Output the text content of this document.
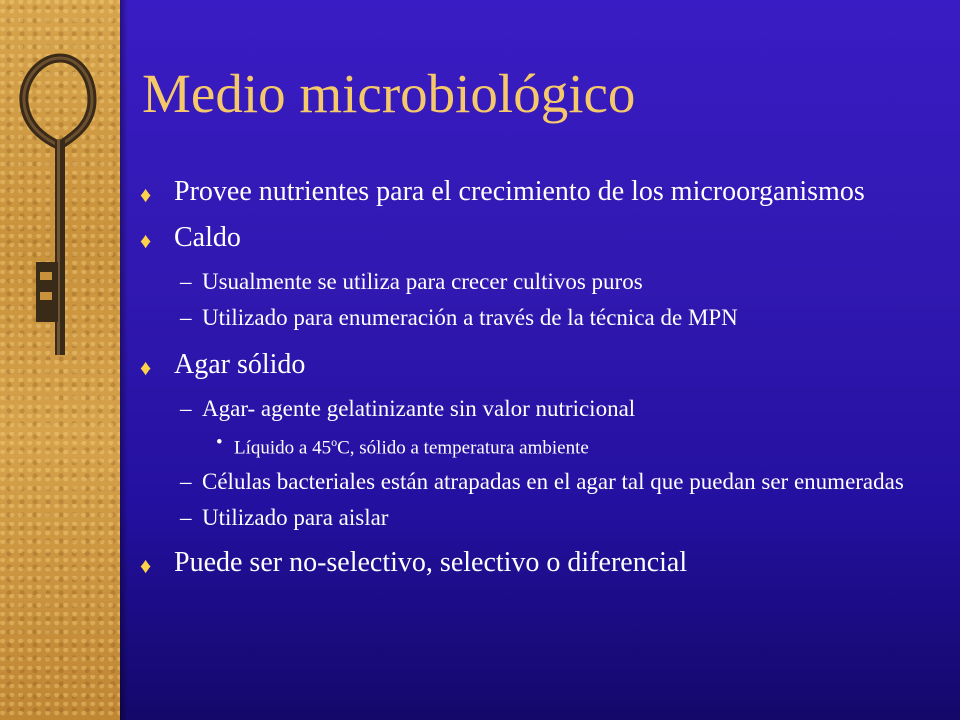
Medio microbiológico
♦ Provee nutrientes para el crecimiento de los microorganismos
♦ Caldo
– Usualmente se utiliza para crecer cultivos puros
– Utilizado para enumeración a través de la técnica de MPN
♦ Agar sólido
– Agar- agente gelatinizante sin valor nutricional
• Líquido a 45$^o$C, sólido a temperatura ambiente
– Células bacteriales están atrapadas en el agar tal que puedan ser enumeradas
– Utilizado para aislar
♦ Puede ser no-selectivo, selectivo o diferencial
